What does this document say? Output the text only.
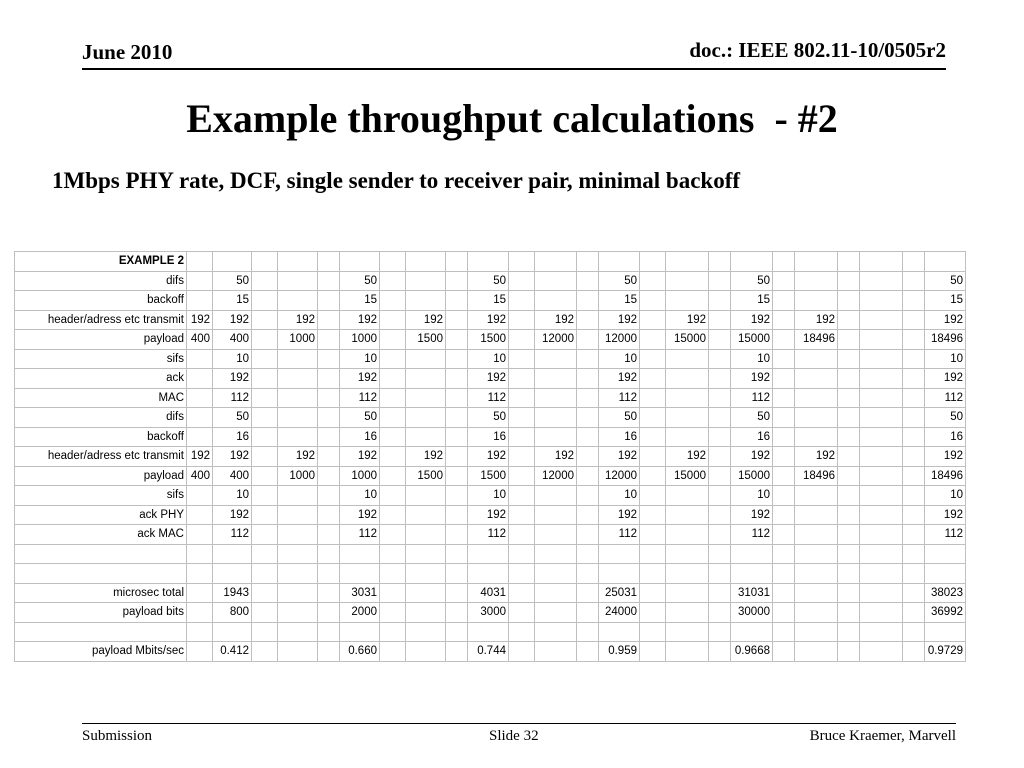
June 2010	doc.: IEEE 802.11-10/0505r2
Example throughput calculations  - #2
1Mbps PHY rate, DCF, single sender to receiver pair, minimal backoff
EXAMPLE 2																								
difs		50				50				50				50				50						50
backoff		15				15				15				15				15						15
header/adress etc transmit	192	192		192		192		192		192		192		192		192		192		192				192
payload	400	400		1000		1000		1500		1500		12000		12000		15000		15000		18496				18496
sifs		10				10				10				10				10						10
ack		192				192				192				192				192						192
MAC		112				112				112				112				112						112
difs		50				50				50				50				50						50
backoff		16				16				16				16				16						16
header/adress etc transmit	192	192		192		192		192		192		192		192		192		192		192				192
payload	400	400		1000		1000		1500		1500		12000		12000		15000		15000		18496				18496
sifs		10				10				10				10				10						10
ack PHY		192				192				192				192				192						192
ack MAC		112				112				112				112				112						112

microsec total		1943				3031				4031				25031				31031						38023
payload bits		800				2000				3000				24000				30000						36992

payload Mbits/sec		0.412				0.660				0.744				0.959				0.9668						0.9729
Submission	Slide 32	Bruce Kraemer, Marvell
